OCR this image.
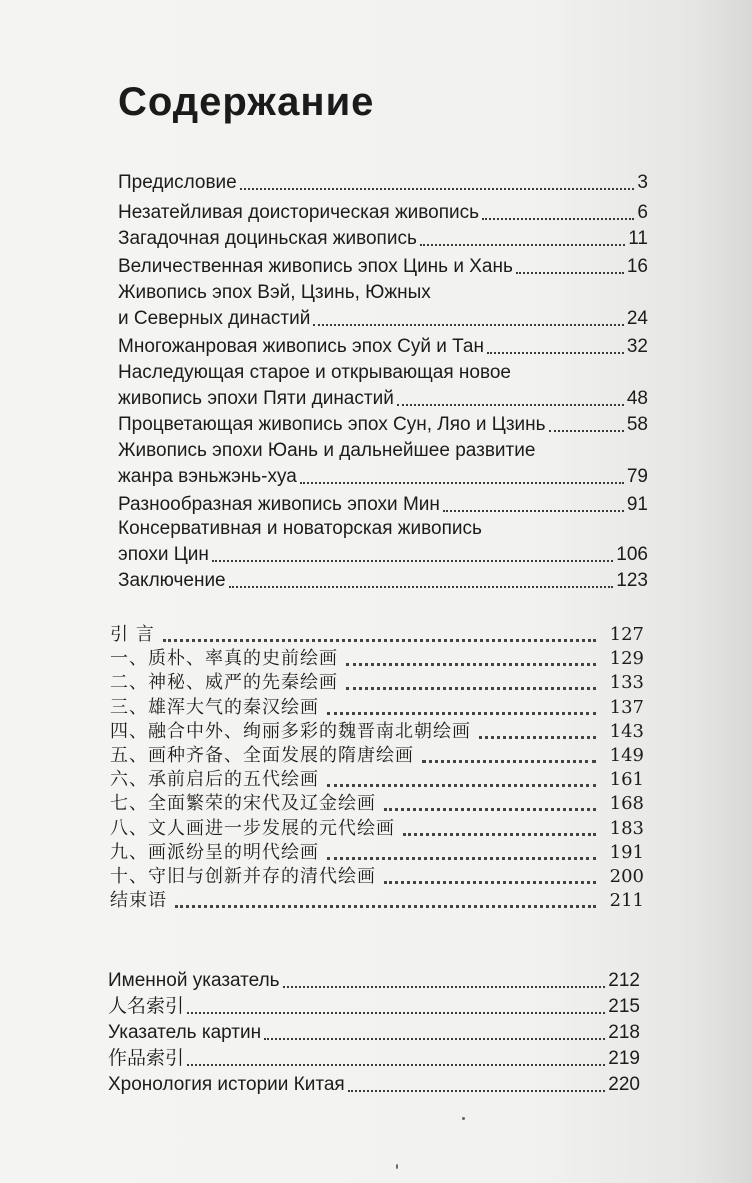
Содержание
Предисловие	3
Незатейливая доисторическая живопись	6
Загадочная доциньская живопись	11
Величественная живопись эпох Цинь и Хань	16
Живопись эпох Вэй, Цзинь, Южных
и Северных династий	24
Многожанровая живопись эпох Суй и Тан	32
Наследующая старое и открывающая новое
живопись эпохи Пяти династий	48
Процветающая живопись эпох Сун, Ляо и Цзинь	58
Живопись эпохи Юань и дальнейшее развитие
жанра вэньжэнь-хуа	79
Разнообразная живопись эпохи Мин	91
Консервативная и новаторская живопись
эпохи Цин	106
Заключение	123
引 言	127
一、质朴、率真的史前绘画	129
二、神秘、威严的先秦绘画	133
三、雄浑大气的秦汉绘画	137
四、融合中外、绚丽多彩的魏晋南北朝绘画	143
五、画种齐备、全面发展的隋唐绘画	149
六、承前启后的五代绘画	161
七、全面繁荣的宋代及辽金绘画	168
八、文人画进一步发展的元代绘画	183
九、画派纷呈的明代绘画	191
十、守旧与创新并存的清代绘画	200
结束语	211
Именной указатель	212
人名索引	215
Указатель картин	218
作品索引	219
Хронология истории Китая	220
